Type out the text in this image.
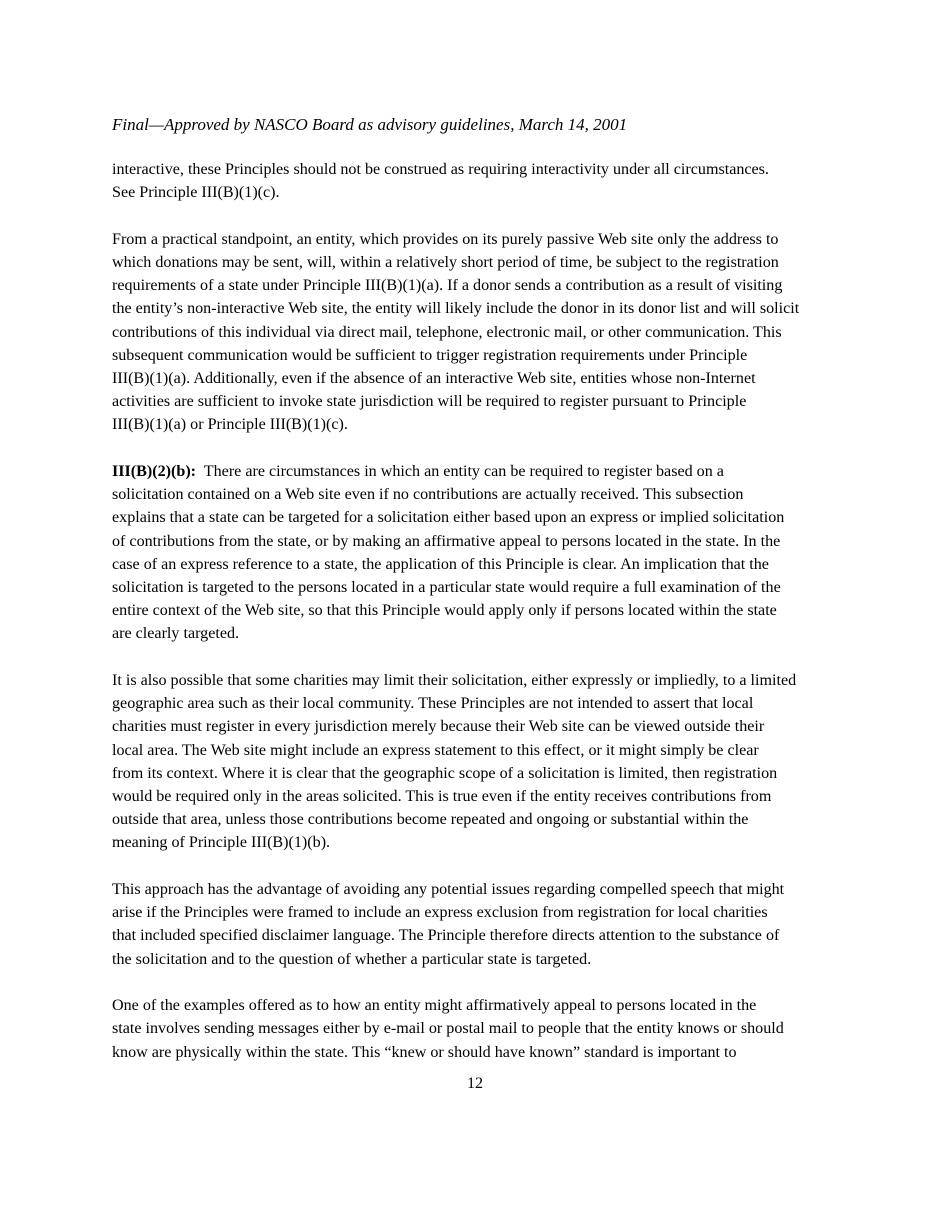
Final—Approved by NASCO Board as advisory guidelines, March 14, 2001
interactive, these Principles should not be construed as requiring interactivity under all circumstances.
See Principle III(B)(1)(c).
From a practical standpoint, an entity, which provides on its purely passive Web site only the address to
which donations may be sent, will, within a relatively short period of time, be subject to the registration
requirements of a state under Principle III(B)(1)(a). If a donor sends a contribution as a result of visiting
the entity’s non-interactive Web site, the entity will likely include the donor in its donor list and will solicit
contributions of this individual via direct mail, telephone, electronic mail, or other communication. This
subsequent communication would be sufficient to trigger registration requirements under Principle
III(B)(1)(a). Additionally, even if the absence of an interactive Web site, entities whose non-Internet
activities are sufficient to invoke state jurisdiction will be required to register pursuant to Principle
III(B)(1)(a) or Principle III(B)(1)(c).
III(B)(2)(b):  There are circumstances in which an entity can be required to register based on a
solicitation contained on a Web site even if no contributions are actually received. This subsection
explains that a state can be targeted for a solicitation either based upon an express or implied solicitation
of contributions from the state, or by making an affirmative appeal to persons located in the state. In the
case of an express reference to a state, the application of this Principle is clear. An implication that the
solicitation is targeted to the persons located in a particular state would require a full examination of the
entire context of the Web site, so that this Principle would apply only if persons located within the state
are clearly targeted.
It is also possible that some charities may limit their solicitation, either expressly or impliedly, to a limited
geographic area such as their local community. These Principles are not intended to assert that local
charities must register in every jurisdiction merely because their Web site can be viewed outside their
local area. The Web site might include an express statement to this effect, or it might simply be clear
from its context. Where it is clear that the geographic scope of a solicitation is limited, then registration
would be required only in the areas solicited. This is true even if the entity receives contributions from
outside that area, unless those contributions become repeated and ongoing or substantial within the
meaning of Principle III(B)(1)(b).
This approach has the advantage of avoiding any potential issues regarding compelled speech that might
arise if the Principles were framed to include an express exclusion from registration for local charities
that included specified disclaimer language. The Principle therefore directs attention to the substance of
the solicitation and to the question of whether a particular state is targeted.
One of the examples offered as to how an entity might affirmatively appeal to persons located in the
state involves sending messages either by e-mail or postal mail to people that the entity knows or should
know are physically within the state. This “knew or should have known” standard is important to
12
